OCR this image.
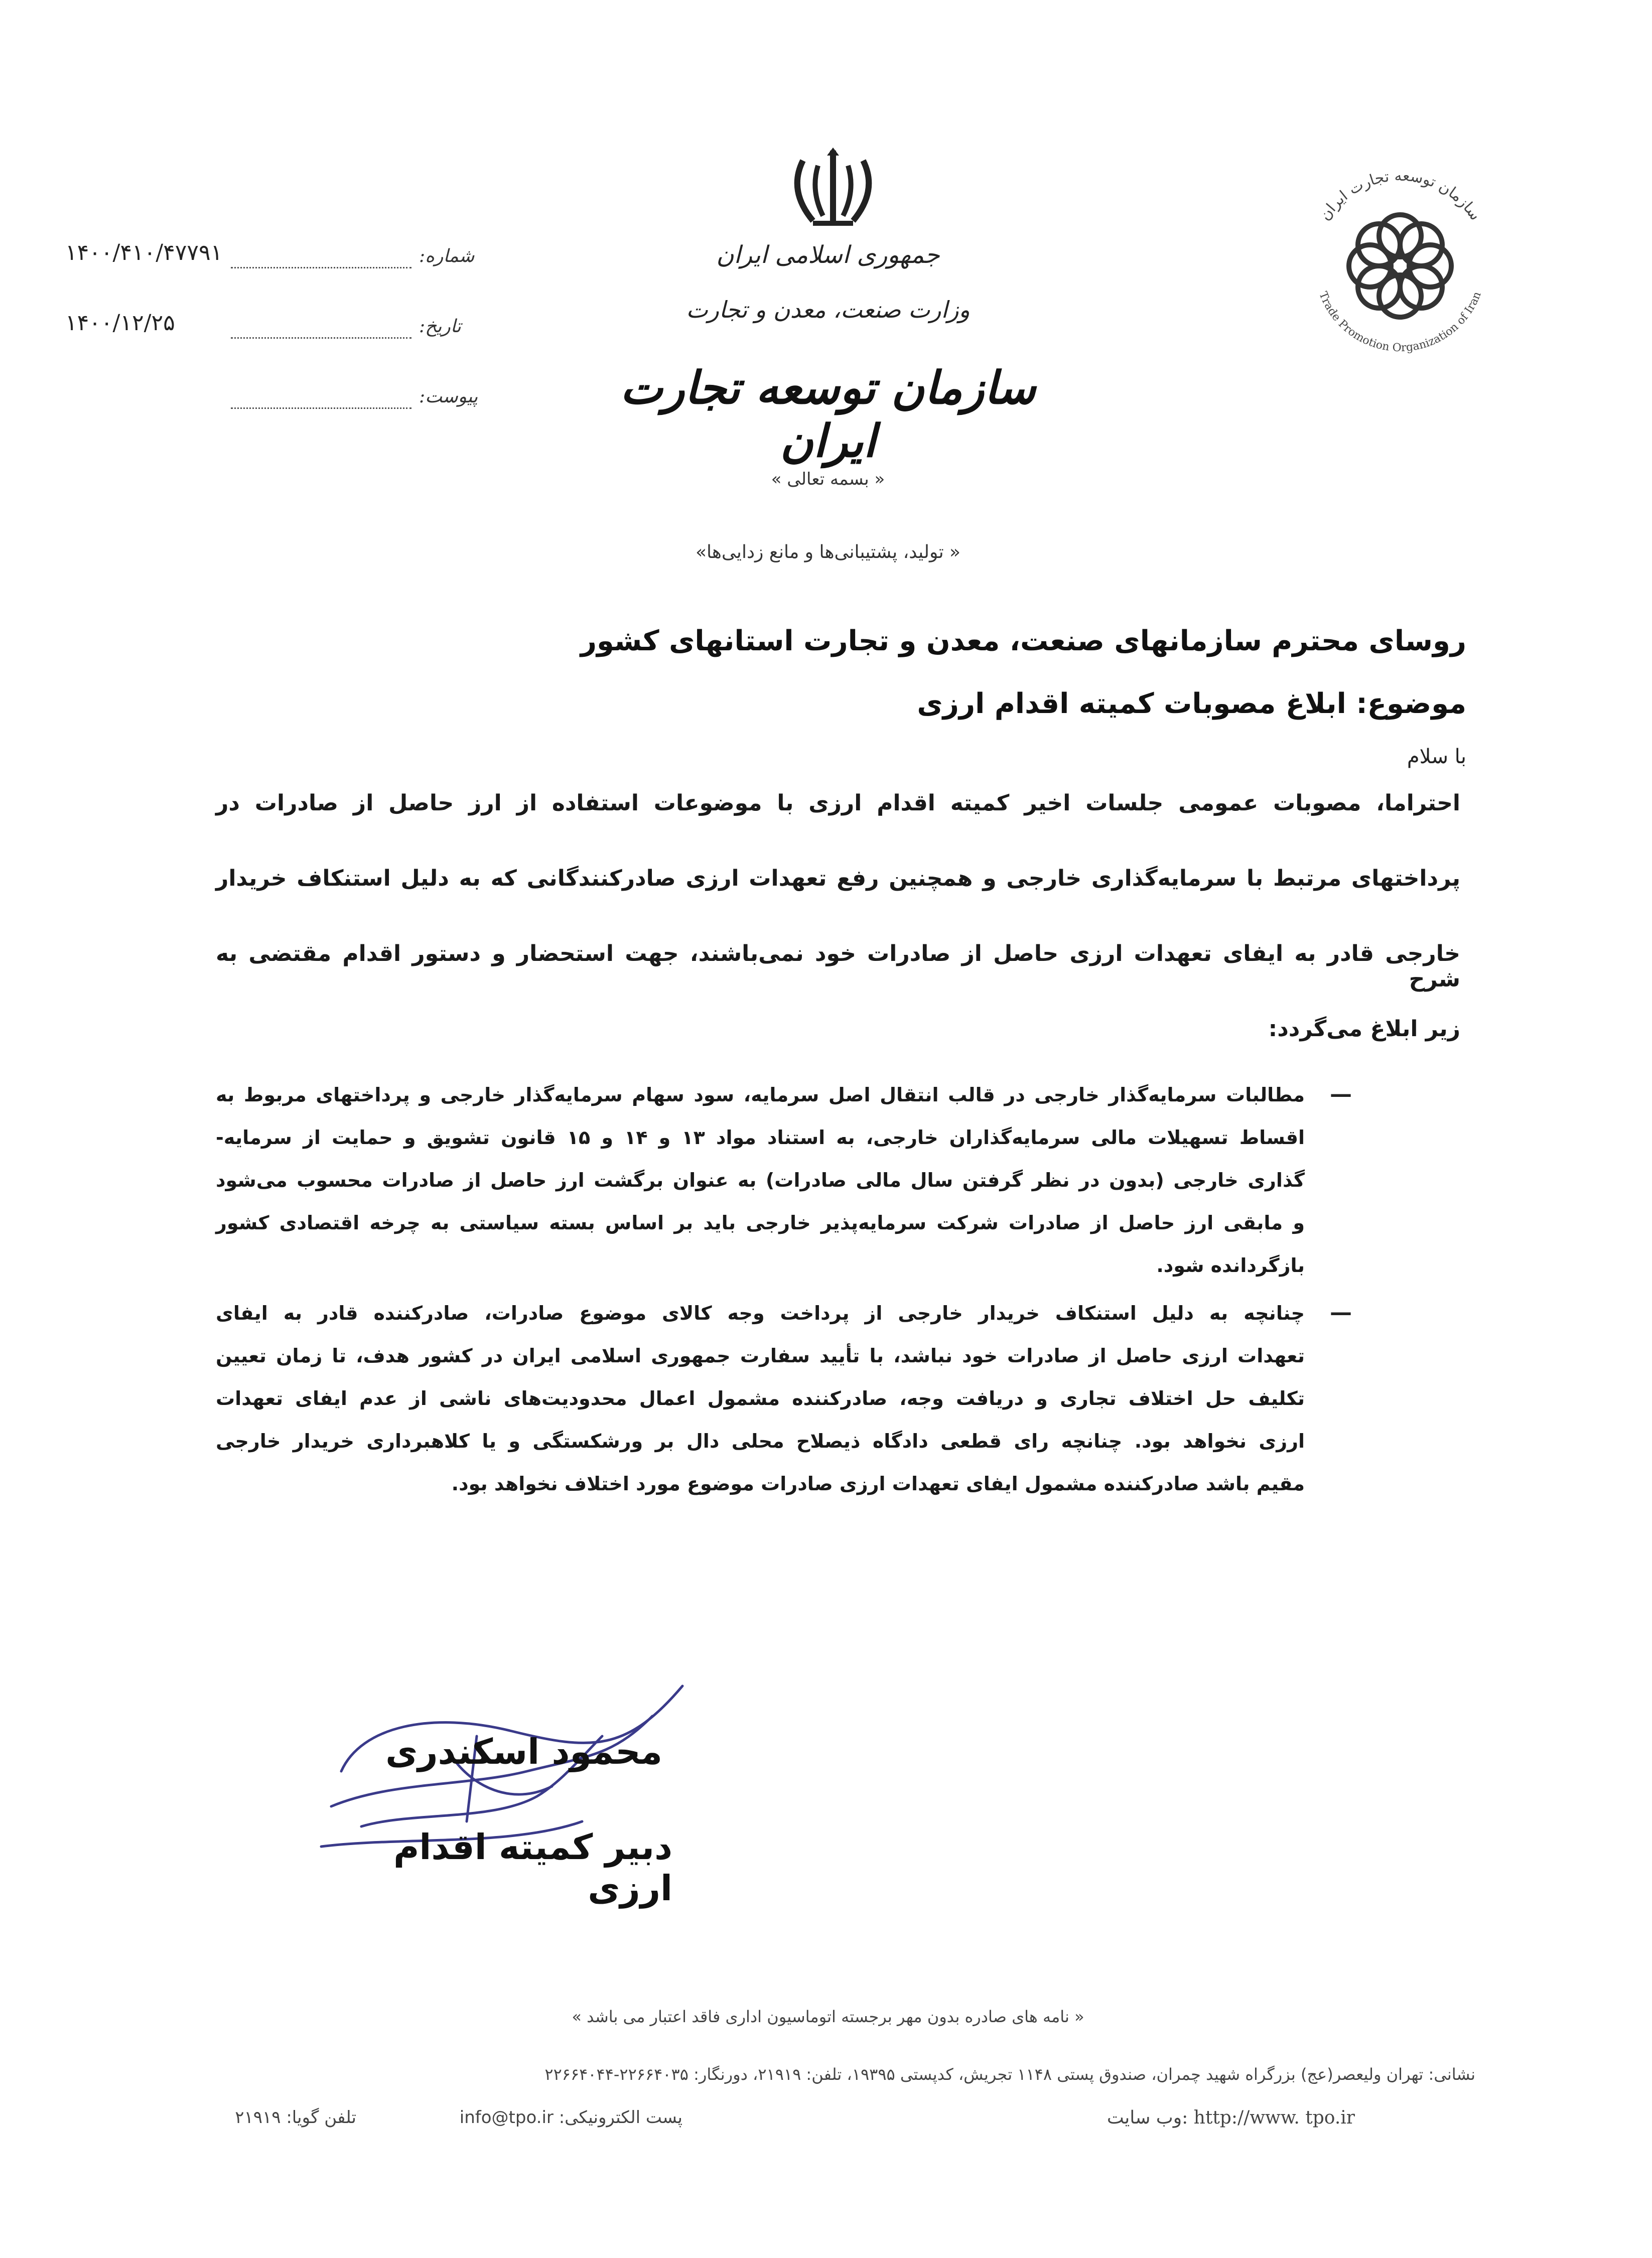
۱۴۰۰/۴۱۰/۴۷۷۹۱	شماره:
۱۴۰۰/۱۲/۲۵	تاریخ:
پیوست:
جمهوری اسلامی ایران
وزارت صنعت، معدن و تجارت
سازمان توسعه تجارت ایران
سازمان توسعه تجارت ایران
Trade Promotion Organization of Iran
« بسمه تعالی »
« تولید، پشتیبانی‌ها و مانع زدایی‌ها»
روسای محترم سازمانهای صنعت، معدن و تجارت استانهای کشور
موضوع: ابلاغ مصوبات کمیته اقدام ارزی
با سلام
احتراما، مصوبات عمومی جلسات اخیر کمیته اقدام ارزی با موضوعات استفاده از ارز حاصل از صادرات در
پرداختهای مرتبط با سرمایه‌گذاری خارجی و همچنین رفع تعهدات ارزی صادرکنندگانی که به دلیل استنکاف خریدار
خارجی قادر به ایفای تعهدات ارزی حاصل از صادرات خود نمی‌باشند، جهت استحضار و دستور اقدام مقتضی به شرح
زیر ابلاغ می‌گردد:
—
مطالبات سرمایه‌گذار خارجی در قالب انتقال اصل سرمایه، سود سهام سرمایه‌گذار خارجی و پرداختهای مربوط به
اقساط تسهیلات مالی سرمایه‌گذاران خارجی، به استناد مواد ۱۳ و ۱۴ و ۱۵ قانون تشویق و حمایت از سرمایه-
گذاری خارجی (بدون در نظر گرفتن سال مالی صادرات) به عنوان برگشت ارز حاصل از صادرات محسوب می‌شود
و مابقی ارز حاصل از صادرات شرکت سرمایه‌پذیر خارجی باید بر اساس بسته سیاستی به چرخه اقتصادی کشور
بازگردانده شود.
—
چنانچه به دلیل استنکاف خریدار خارجی از پرداخت وجه کالای موضوع صادرات، صادرکننده قادر به ایفای
تعهدات ارزی حاصل از صادرات خود نباشد، با تأیید سفارت جمهوری اسلامی ایران در کشور هدف، تا زمان تعیین
تکلیف حل اختلاف تجاری و دریافت وجه، صادرکننده مشمول اعمال محدودیت‌های ناشی از عدم ایفای تعهدات
ارزی نخواهد بود. چنانچه رای قطعی دادگاه ذیصلاح محلی دال بر ورشکستگی و یا کلاهبرداری خریدار خارجی
مقیم باشد صادرکننده مشمول ایفای تعهدات ارزی صادرات موضوع مورد اختلاف نخواهد بود.
محمود اسکندری
دبیر کمیته اقدام ارزی
« نامه های صادره بدون مهر برجسته اتوماسیون اداری فاقد اعتبار می باشد »
نشانی: تهران ولیعصر(عج) بزرگراه شهید چمران، صندوق پستی ۱۱۴۸ تجریش، کدپستی ۱۹۳۹۵، تلفن: ۲۱۹۱۹، دورنگار: ۲۲۶۶۴۰۳۵-۲۲۶۶۴۰۴۴
وب سایت: http://www. tpo.ir
پست الکترونیکی: info@tpo.ir
تلفن گویا: ۲۱۹۱۹
